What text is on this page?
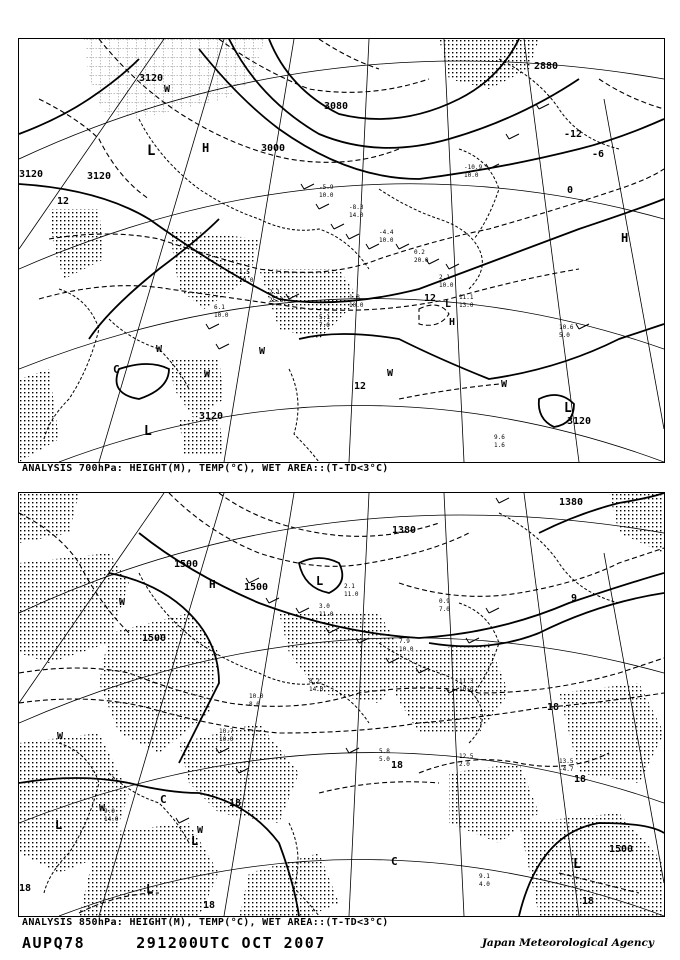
-5.9
10.0
-8.3
14.0
-4.4
10.0
0.2
20.0
2.1
10.0
-10.9
10.0
11.1
13.0
1.5
19.0
2.1
25.0
6.1
10.0	5.1
7.0
1.8
10.0
10.6
5.0
9.6
1.6
3120
3120	3120
3000
3080
2880
3120	3120
12
12
-6
0
-12
12
L	H
L
H
W
W
L
L
W
H
W	W
W
C
ANALYSIS 700hPa: HEIGHT(M), TEMP(°C), WET AREA::(T-TD<3°C)
3.0
11.0
2.1
11.0
7.9
10.0
0.9
7.0
11.3
10.0
8.2
14.0
10.0
8.0
10.7
10.0
5.8
5.0	12.5
2.0	13.5
-4.7
9.0
14.0
9.1
4.0
1500
1500
1500
1500
1380
1380
9
18
18
18
18
18
18
18
L
W
W
L
W
L
W
C
L
C
H
L
ANALYSIS 850hPa: HEIGHT(M), TEMP(°C), WET AREA::(T-TD<3°C)
AUPQ78	291200UTC OCT 2007	Japan Meteorological Agency
